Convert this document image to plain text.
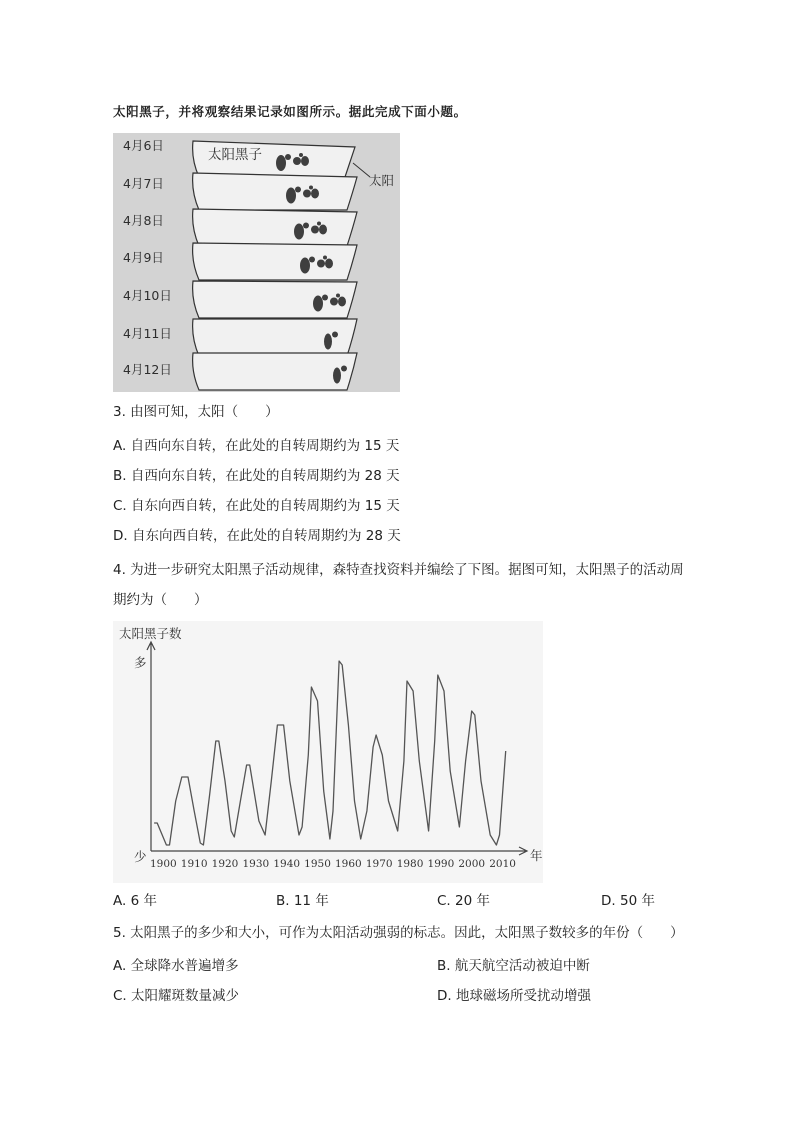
太阳黑子，并将观察结果记录如图所示。据此完成下面小题。
4月6日
4月7日
4月8日
4月9日
4月10日
4月11日
4月12日
太阳黑子
太阳
3. 由图可知，太阳（　　）
A. 自西向东自转，在此处的自转周期约为 15 天
B. 自西向东自转，在此处的自转周期约为 28 天
C. 自东向西自转，在此处的自转周期约为 15 天
D. 自东向西自转，在此处的自转周期约为 28 天
4. 为进一步研究太阳黑子活动规律，森特查找资料并编绘了下图。据图可知，太阳黑子的活动周
期约为（　　）
太阳黑子数
多
少	年
1900 1910 1920 1930 1940 1950 1960 1970 1980 1990 2000 2010
A. 6 年	B. 11 年	C. 20 年	D. 50 年
5. 太阳黑子的多少和大小，可作为太阳活动强弱的标志。因此，太阳黑子数较多的年份（　　）
A. 全球降水普遍增多	B. 航天航空活动被迫中断
C. 太阳耀斑数量减少	D. 地球磁场所受扰动增强
